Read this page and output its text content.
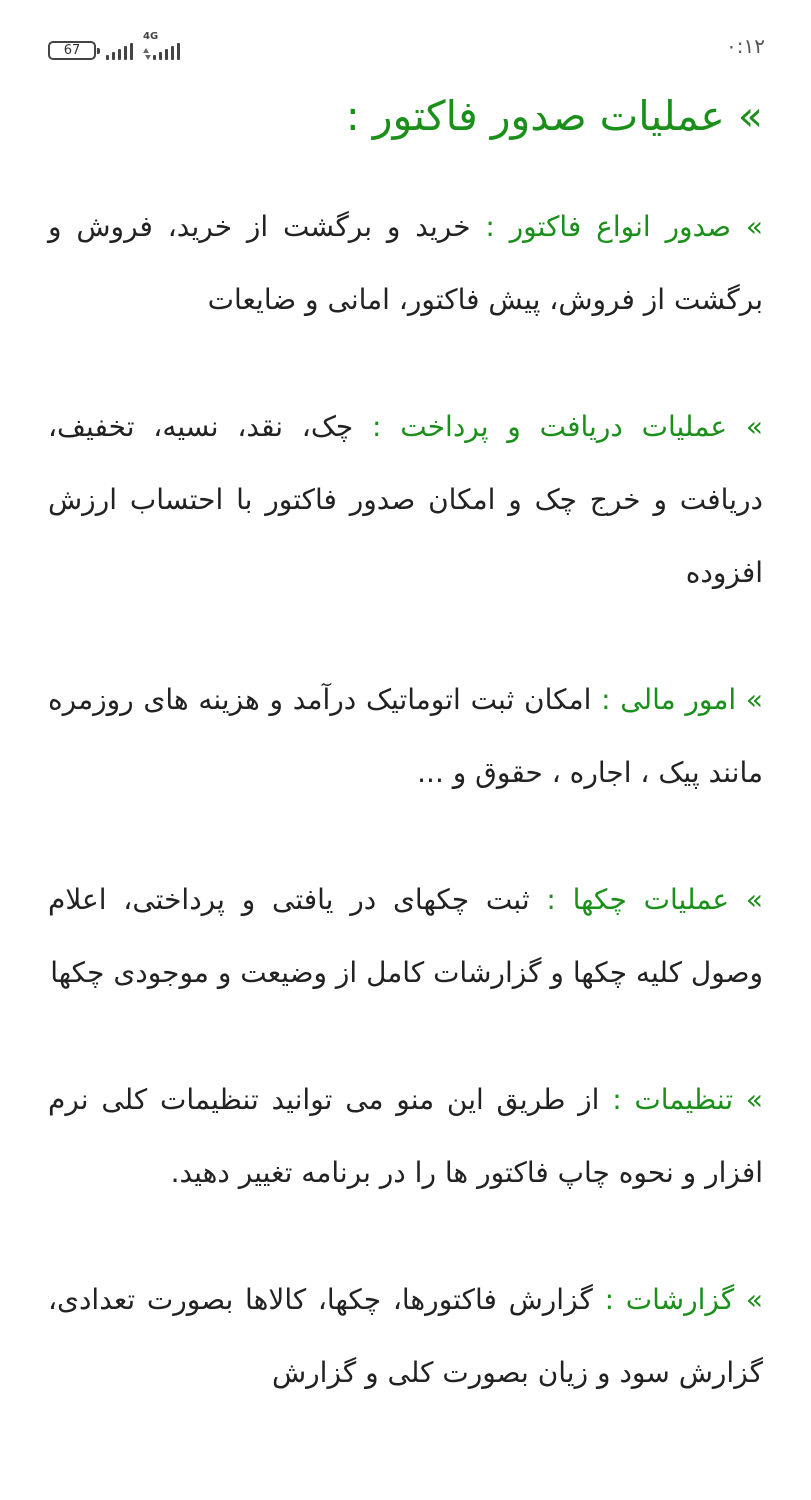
67
4G	۰:۱۲
» عملیات صدور فاکتور :

» صدور انواع فاکتور : خرید و برگشت از خرید، فروش و برگشت از فروش، پیش فاکتور، امانی و ضایعات

» عملیات دریافت و پرداخت : چک، نقد، نسیه، تخفیف، دریافت و خرج چک و امکان صدور فاکتور با احتساب ارزش افزوده

» امور مالی : امکان ثبت اتوماتیک درآمد و هزینه های روزمره مانند پیک ، اجاره ، حقوق و ...

» عملیات چکها : ثبت چکهای در یافتی و پرداختی، اعلام وصول کلیه چکها و گزارشات کامل از وضیعت و موجودی چکها

» تنظیمات : از طریق این منو می توانید تنظیمات کلی نرم افزار و نحوه چاپ فاکتور ها را در برنامه تغییر دهید.

» گزارشات : گزارش فاکتورها، چکها، کالاها بصورت تعدادی، گزارش سود و زیان بصورت کلی و گزارش
